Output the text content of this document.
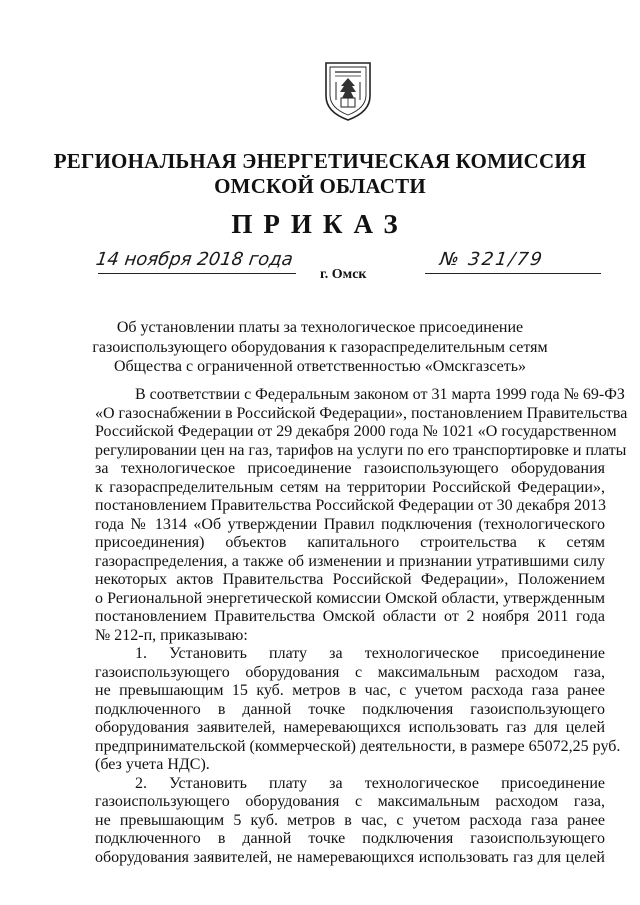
РЕГИОНАЛЬНАЯ ЭНЕРГЕТИЧЕСКАЯ КОМИССИЯ
ОМСКОЙ ОБЛАСТИ
ПРИКАЗ
14 ноября 2018 года
г. Омск
№ 321/79
Об установлении платы за технологическое присоединение
газоиспользующего оборудования к газораспределительным сетям
Общества с ограниченной ответственностью «Омскгазсеть»
В соответствии с Федеральным законом от 31 марта 1999 года № 69-ФЗ
«О газоснабжении в Российской Федерации», постановлением Правительства
Российской Федерации от 29 декабря 2000 года № 1021 «О государственном
регулировании цен на газ, тарифов на услуги по его транспортировке и платы
за технологическое присоединение газоиспользующего оборудования
к газораспределительным сетям на территории Российской Федерации»,
постановлением Правительства Российской Федерации от 30 декабря 2013
года № 1314 «Об утверждении Правил подключения (технологического
присоединения) объектов капитального строительства к сетям
газораспределения, а также об изменении и признании утратившими силу
некоторых актов Правительства Российской Федерации», Положением
о Региональной энергетической комиссии Омской области, утвержденным
постановлением Правительства Омской области от 2 ноября 2011 года
№ 212-п, приказываю:
1. Установить плату за технологическое присоединение
газоиспользующего оборудования с максимальным расходом газа,
не превышающим 15 куб. метров в час, с учетом расхода газа ранее
подключенного в данной точке подключения газоиспользующего
оборудования заявителей, намеревающихся использовать газ для целей
предпринимательской (коммерческой) деятельности, в размере 65072,25 руб.
(без учета НДС).
2. Установить плату за технологическое присоединение
газоиспользующего оборудования с максимальным расходом газа,
не превышающим 5 куб. метров в час, с учетом расхода газа ранее
подключенного в данной точке подключения газоиспользующего
оборудования заявителей, не намеревающихся использовать газ для целей
